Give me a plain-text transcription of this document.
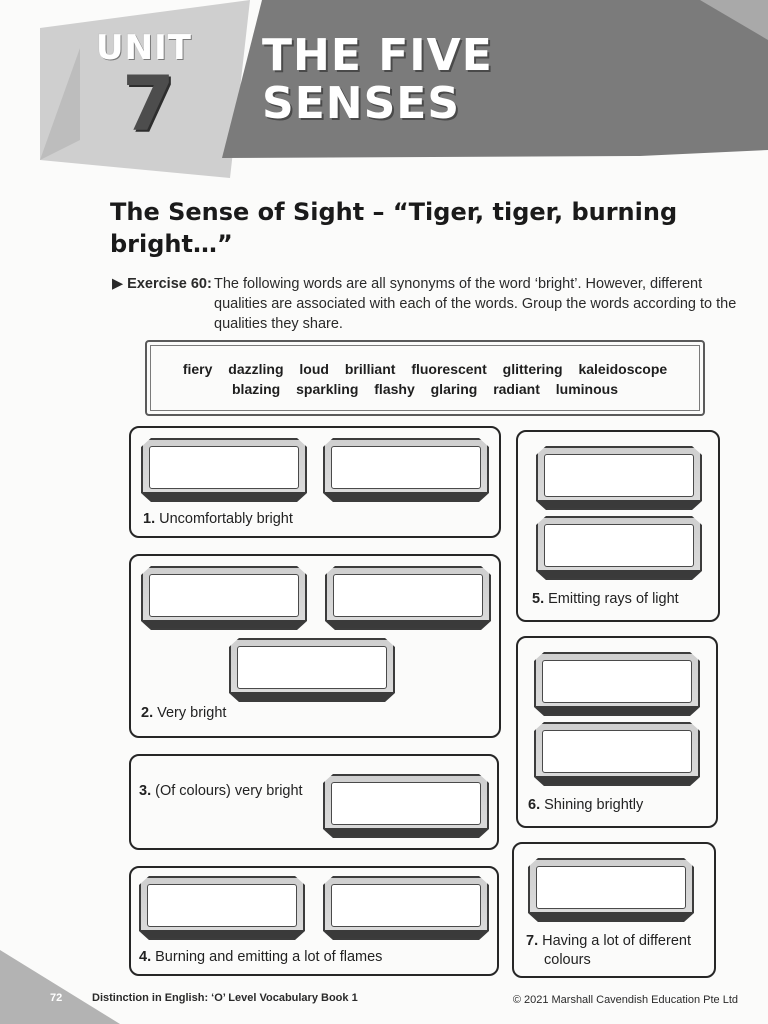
UNIT
7
THE FIVE
SENSES
The Sense of Sight – “Tiger, tiger, burning
bright…”
▶ Exercise 60: The following words are all synonyms of the word ‘bright’. However, different
qualities are associated with each of the words. Group the words according to the
qualities they share.
fiery dazzling loud brilliant fluorescent glittering kaleidoscope
blazing sparkling flashy glaring radiant luminous
1. Uncomfortably bright
2. Very bright
3. (Of colours) very bright
4. Burning and emitting a lot of flames
5. Emitting rays of light
6. Shining brightly
7. Having a lot of different
colours
72	Distinction in English: ‘O’ Level Vocabulary Book 1	© 2021 Marshall Cavendish Education Pte Ltd
